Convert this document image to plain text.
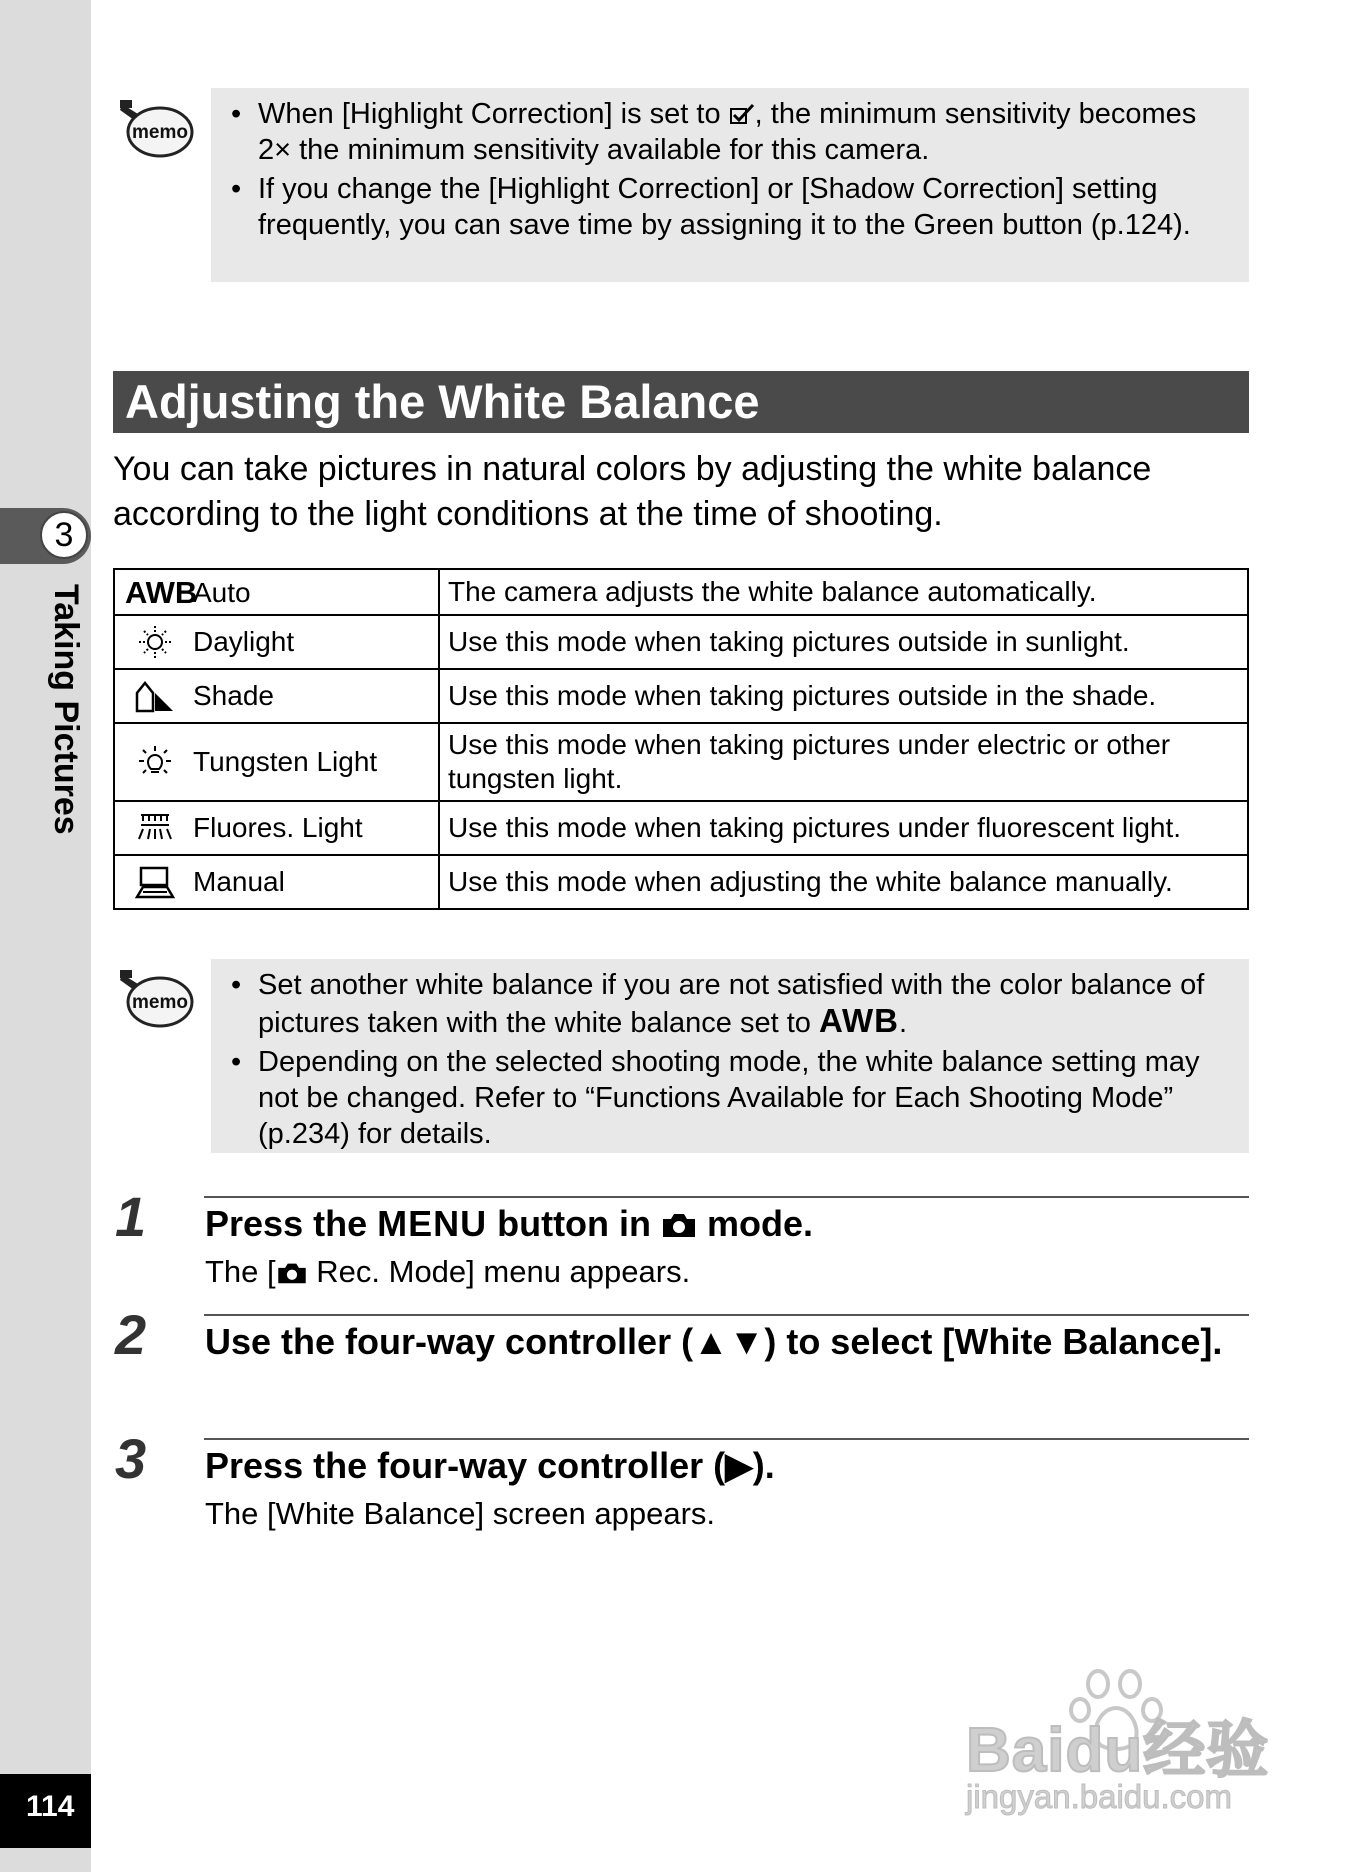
3
Taking Pictures
114
memo
• When [Highlight Correction] is set to , the minimum sensitivity becomes 2× the minimum sensitivity available for this camera.
• If you change the [Highlight Correction] or [Shadow Correction] setting frequently, you can save time by assigning it to the Green button (p.124).
Adjusting the White Balance
You can take pictures in natural colors by adjusting the white balance according to the light conditions at the time of shooting.
AWBAuto	The camera adjusts the white balance automatically.
Daylight	Use this mode when taking pictures outside in sunlight.
Shade	Use this mode when taking pictures outside in the shade.
Tungsten Light	Use this mode when taking pictures under electric or other tungsten light.
Fluores. Light	Use this mode when taking pictures under fluorescent light.
Manual	Use this mode when adjusting the white balance manually.
memo
• Set another white balance if you are not satisfied with the color balance of pictures taken with the white balance set to AWB.
• Depending on the selected shooting mode, the white balance setting may not be changed. Refer to “Functions Available for Each Shooting Mode” (p.234) for details.
1 Press the MENU button in  mode.
The [ Rec. Mode] menu appears.
2 Use the four-way controller (▲▼) to select [White Balance].
3 Press the four-way controller (▶).
The [White Balance] screen appears.
Baidu经验
jingyan.baidu.com
